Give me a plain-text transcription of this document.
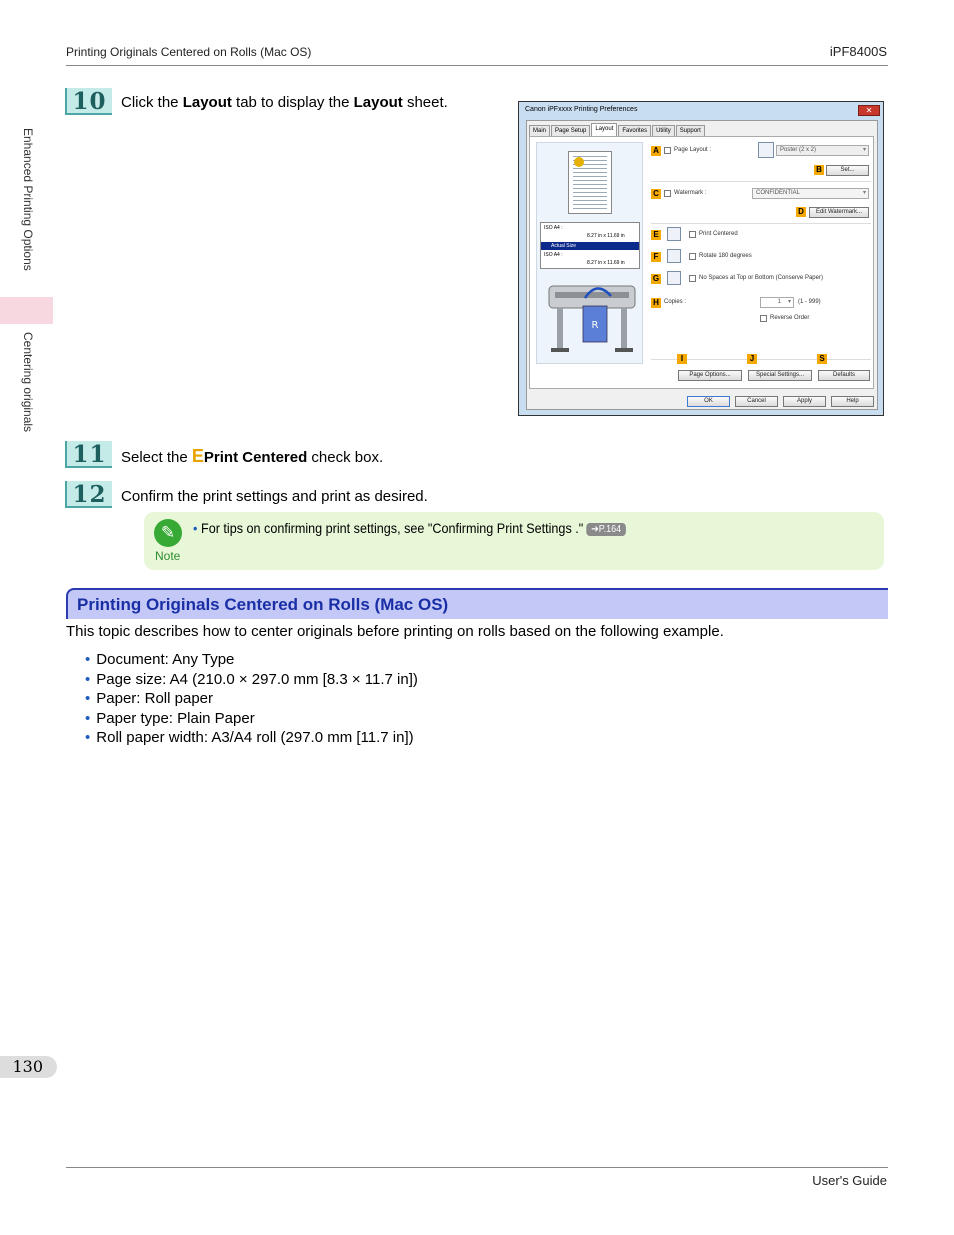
Printing Originals Centered on Rolls (Mac OS)	iPF8400S
Enhanced Printing Options
Centering originals
10 Click the Layout tab to display the Layout sheet.	Canon iPFxxxx Printing Preferences	✕
Main	Page Setup	Layout	Favorites	Utility	Support
ISO A4 :
8.27 in x 11.69 in
Actual Size
ISO A4 :
8.27 in x 11.69 in
R
A	Page Layout :	Poster (2 x 2) ▾
B	Set...
C	Watermark :	CONFIDENTIAL ▾
D	Edit Watermark...
E	Print Centered
F	Rotate 180 degrees
G	No Spaces at Top or Bottom (Conserve Paper)
H Copies :	1 ▾	(1 - 999)
Reverse Order
I	J	S
Page Options...	Special Settings...	Defaults
OK	Cancel	Apply	Help
11 Select the EPrint Centered check box.
12 Confirm the print settings and print as desired.
✎
Note
• For tips on confirming print settings, see "Confirming Print Settings ." ➔P.164
Printing Originals Centered on Rolls (Mac OS)
This topic describes how to center originals before printing on rolls based on the following example.
• Document: Any Type
• Page size: A4 (210.0 × 297.0 mm [8.3 × 11.7 in])
• Paper: Roll paper
• Paper type: Plain Paper
• Roll paper width: A3/A4 roll (297.0 mm [11.7 in])
130
User's Guide
